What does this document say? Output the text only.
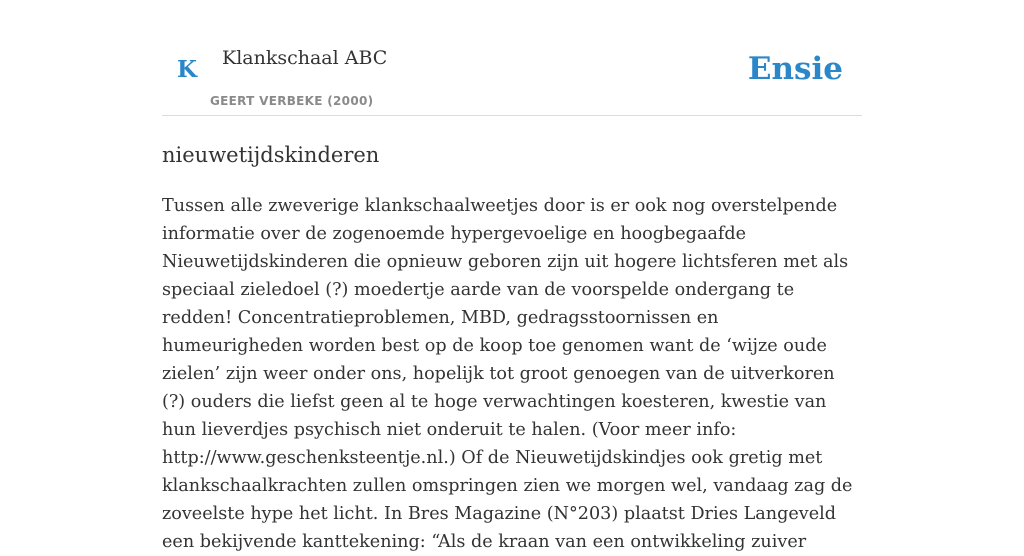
K Klankschaal ABC
GEERT VERBEKE (2000)
Ensie
nieuwetijdskinderen

Tussen alle zweverige klankschaalweetjes door is er ook nog overstelpende informatie over de zogenoemde hypergevoelige en hoogbegaafde Nieuwetijdskinderen die opnieuw geboren zijn uit hogere lichtsferen met als speciaal zieledoel (?) moedertje aarde van de voorspelde ondergang te redden! Concentratieproblemen, MBD, gedragsstoornissen en humeurigheden worden best op de koop toe genomen want de ‘wijze oude zielen’ zijn weer onder ons, hopelijk tot groot genoegen van de uitverkoren (?) ouders die liefst geen al te hoge verwachtingen koesteren, kwestie van hun lieverdjes psychisch niet onderuit te halen. (Voor meer info: http://www.geschenksteentje.nl.) Of de Nieuwetijdskindjes ook gretig met klankschaalkrachten zullen omspringen zien we morgen wel, vandaag zag de zoveelste hype het licht. In Bres Magazine (N°203) plaatst Dries Langeveld een bekijvende kanttekening: “Als de kraan van een ontwikkeling zuiver
